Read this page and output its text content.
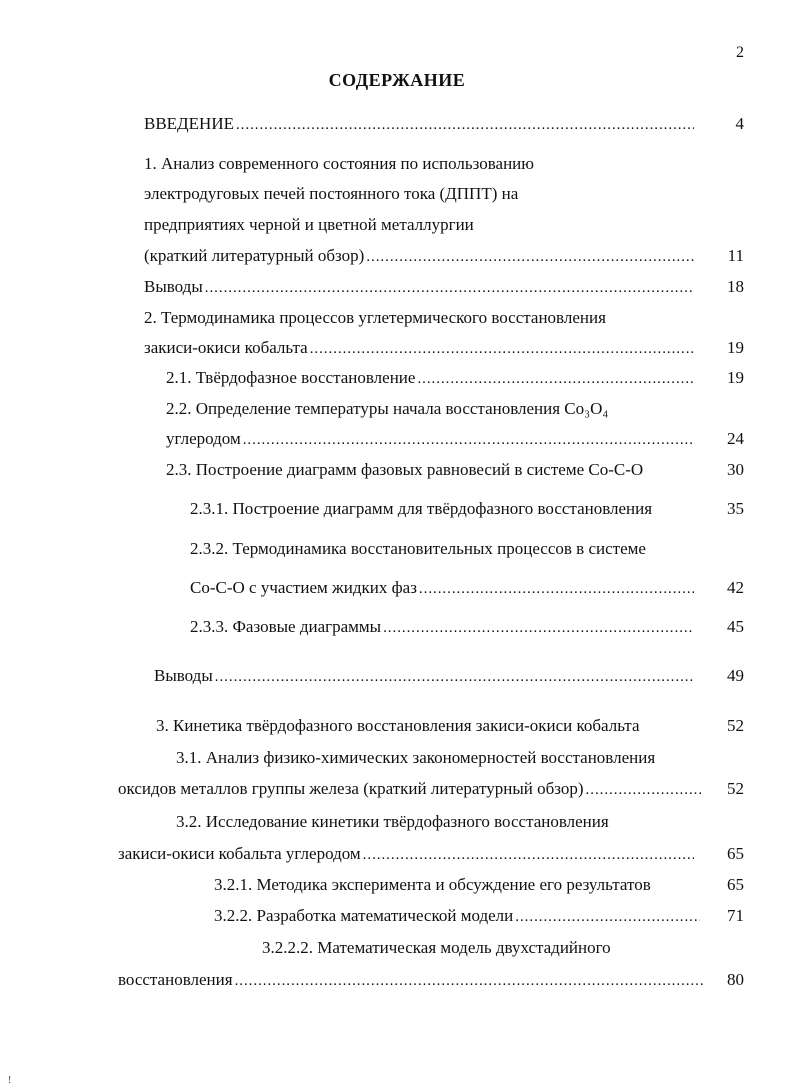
2
СОДЕРЖАНИЕ
ВВЕДЕНИЕ . . .	4
1. Анализ современного состояния по использованию
электродуговых печей постоянного тока (ДППТ) на
предприятиях черной и цветной металлургии
(краткий литературный обзор) . . .	11
Выводы . . .	18
2. Термодинамика процессов углетермического восстановления
закиси-окиси кобальта . . .	19
2.1. Твёрдофазное восстановление . . .	19
2.2. Определение температуры начала восстановления Co₃O₄
углеродом . . .	24
2.3. Построение диаграмм фазовых равновесий в системе Co-C-O	30
2.3.1. Построение диаграмм для твёрдофазного восстановления	35
2.3.2. Термодинамика восстановительных процессов в системе
Co-C-O с участием жидких фаз . . .	42
2.3.3. Фазовые диаграммы . . .	45
Выводы . . .	49
3. Кинетика твёрдофазного восстановления закиси-окиси кобальта	52
3.1. Анализ физико-химических закономерностей восстановления
оксидов металлов группы железа (краткий литературный обзор) . . .	52
3.2. Исследование кинетики твёрдофазного восстановления
закиси-окиси кобальта углеродом . . .	65
3.2.1. Методика эксперимента и обсуждение его результатов	65
3.2.2. Разработка математической модели . . .	71
3.2.2.2. Математическая модель двухстадийного
восстановления . . .	80
!
